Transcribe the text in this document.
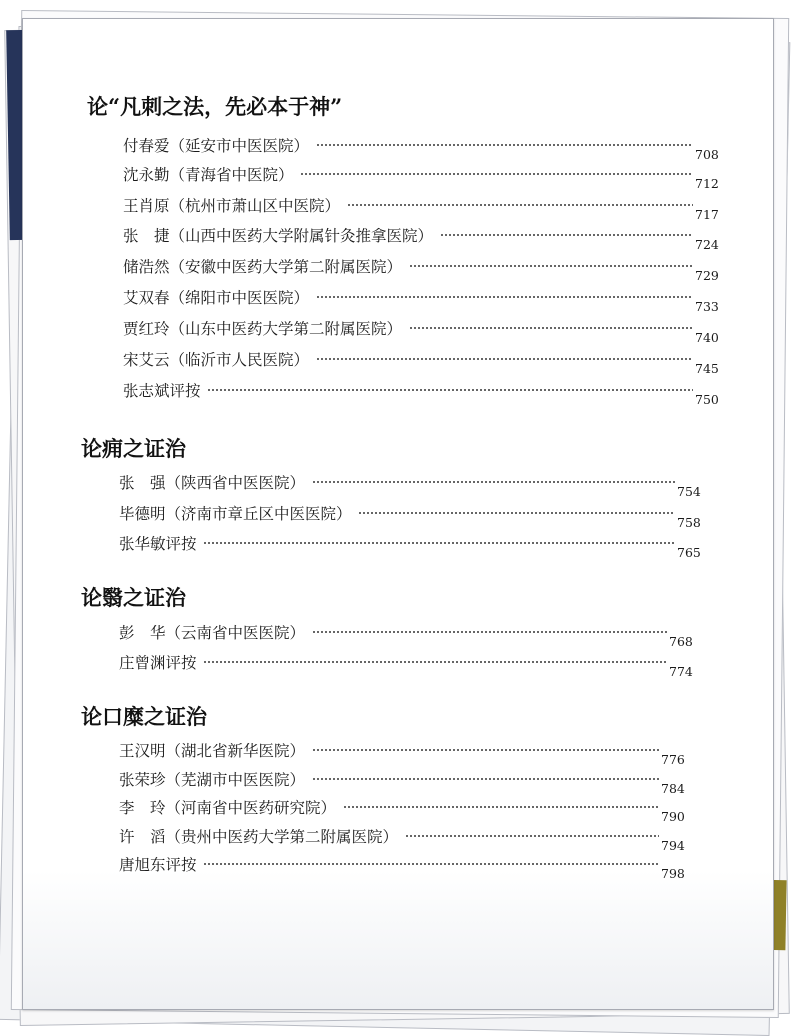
论“凡刺之法，先必本于神”
付春爱（延安市中医医院）	708
沈永勤（青海省中医院）	712
王肖原（杭州市萧山区中医院）	717
张　捷（山西中医药大学附属针灸推拿医院）	724
储浩然（安徽中医药大学第二附属医院）	729
艾双春（绵阳市中医医院）	733
贾红玲（山东中医药大学第二附属医院）	740
宋艾云（临沂市人民医院）	745
张志斌评按	750
论痈之证治
张　强（陕西省中医医院）	754
毕德明（济南市章丘区中医医院）	758
张华敏评按	765
论翳之证治
彭　华（云南省中医医院）	768
庄曾渊评按	774
论口糜之证治
王汉明（湖北省新华医院）	776
张荣珍（芜湖市中医医院）	784
李　玲（河南省中医药研究院）	790
许　滔（贵州中医药大学第二附属医院）	794
唐旭东评按	798
